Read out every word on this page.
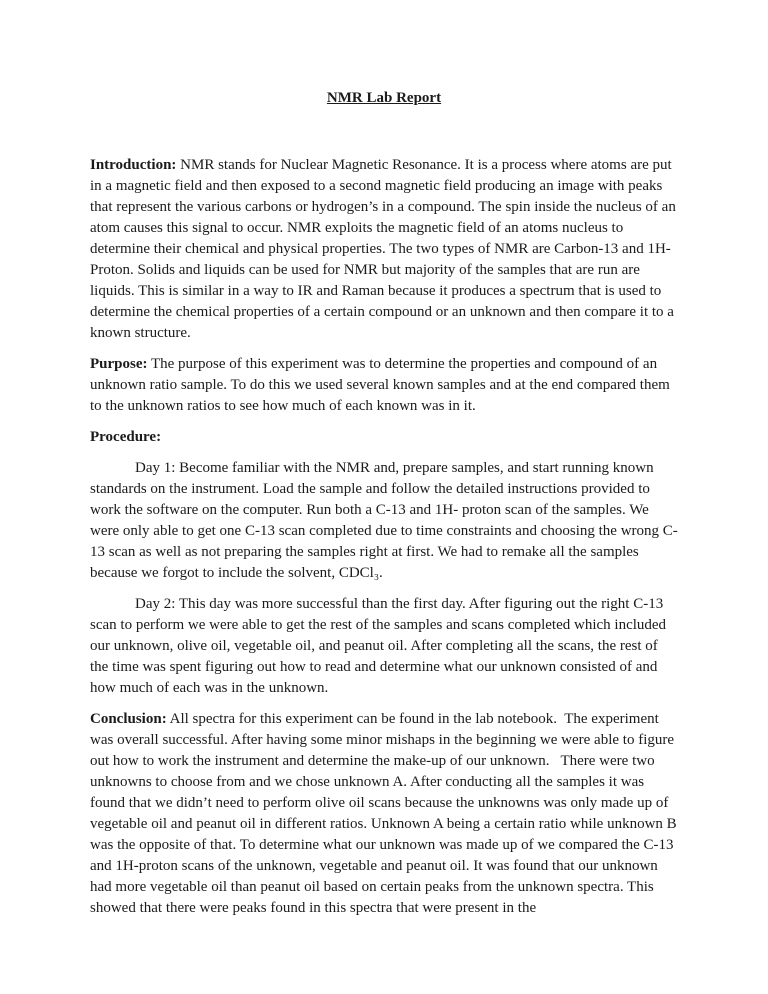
NMR Lab Report

Introduction: NMR stands for Nuclear Magnetic Resonance. It is a process where atoms are put in a magnetic field and then exposed to a second magnetic field producing an image with peaks that represent the various carbons or hydrogen’s in a compound. The spin inside the nucleus of an atom causes this signal to occur. NMR exploits the magnetic field of an atoms nucleus to determine their chemical and physical properties. The two types of NMR are Carbon-13 and 1H-Proton. Solids and liquids can be used for NMR but majority of the samples that are run are liquids. This is similar in a way to IR and Raman because it produces a spectrum that is used to determine the chemical properties of a certain compound or an unknown and then compare it to a known structure.

Purpose: The purpose of this experiment was to determine the properties and compound of an unknown ratio sample. To do this we used several known samples and at the end compared them to the unknown ratios to see how much of each known was in it.

Procedure:

Day 1: Become familiar with the NMR and, prepare samples, and start running known standards on the instrument. Load the sample and follow the detailed instructions provided to work the software on the computer. Run both a C-13 and 1H- proton scan of the samples. We were only able to get one C-13 scan completed due to time constraints and choosing the wrong C-13 scan as well as not preparing the samples right at first. We had to remake all the samples because we forgot to include the solvent, CDCl₃.

Day 2: This day was more successful than the first day. After figuring out the right C-13 scan to perform we were able to get the rest of the samples and scans completed which included our unknown, olive oil, vegetable oil, and peanut oil. After completing all the scans, the rest of the time was spent figuring out how to read and determine what our unknown consisted of and how much of each was in the unknown.

Conclusion: All spectra for this experiment can be found in the lab notebook.  The experiment was overall successful. After having some minor mishaps in the beginning we were able to figure out how to work the instrument and determine the make-up of our unknown.   There were two unknowns to choose from and we chose unknown A. After conducting all the samples it was found that we didn’t need to perform olive oil scans because the unknowns was only made up of vegetable oil and peanut oil in different ratios. Unknown A being a certain ratio while unknown B was the opposite of that. To determine what our unknown was made up of we compared the C-13 and 1H-proton scans of the unknown, vegetable and peanut oil. It was found that our unknown had more vegetable oil than peanut oil based on certain peaks from the unknown spectra. This showed that there were peaks found in this spectra that were present in the
